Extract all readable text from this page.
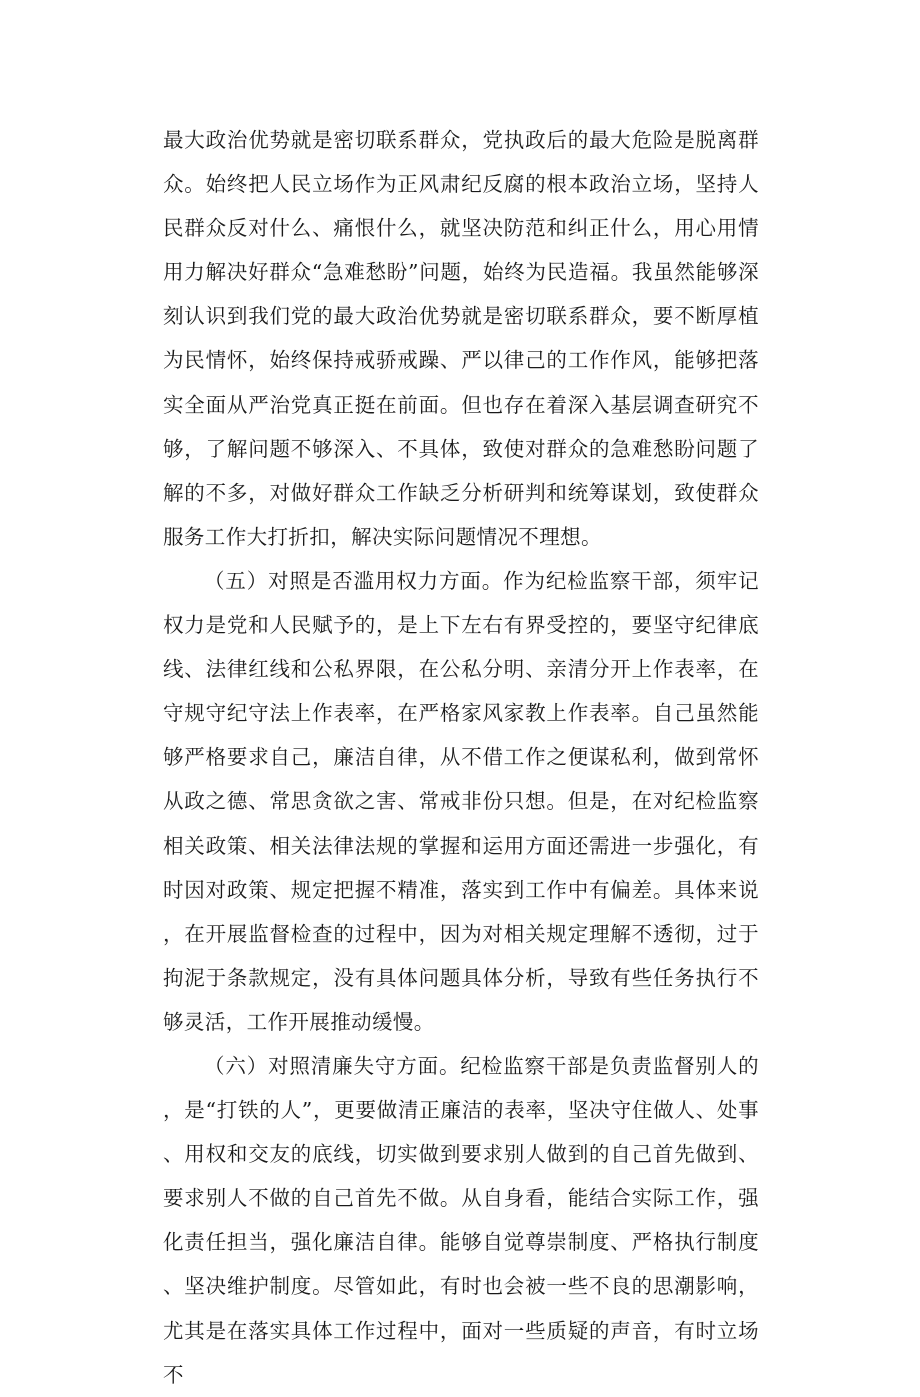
最大政治优势就是密切联系群众，党执政后的最大危险是脱离群众。始终把人民立场作为正风肃纪反腐的根本政治立场，坚持人民群众反对什么、痛恨什么，就坚决防范和纠正什么，用心用情用力解决好群众“急难愁盼”问题，始终为民造福。我虽然能够深刻认识到我们党的最大政治优势就是密切联系群众，要不断厚植为民情怀，始终保持戒骄戒躁、严以律己的工作作风，能够把落实全面从严治党真正挺在前面。但也存在着深入基层调查研究不够，了解问题不够深入、不具体，致使对群众的急难愁盼问题了解的不多，对做好群众工作缺乏分析研判和统筹谋划，致使群众服务工作大打折扣，解决实际问题情况不理想。

（五）对照是否滥用权力方面。作为纪检监察干部，须牢记权力是党和人民赋予的，是上下左右有界受控的，要坚守纪律底线、法律红线和公私界限，在公私分明、亲清分开上作表率，在守规守纪守法上作表率，在严格家风家教上作表率。自己虽然能够严格要求自己，廉洁自律，从不借工作之便谋私利，做到常怀从政之德、常思贪欲之害、常戒非份只想。但是，在对纪检监察相关政策、相关法律法规的掌握和运用方面还需进一步强化，有时因对政策、规定把握不精准，落实到工作中有偏差。具体来说，在开展监督检查的过程中，因为对相关规定理解不透彻，过于拘泥于条款规定，没有具体问题具体分析，导致有些任务执行不够灵活，工作开展推动缓慢。

（六）对照清廉失守方面。纪检监察干部是负责监督别人的，是“打铁的人”，更要做清正廉洁的表率，坚决守住做人、处事、用权和交友的底线，切实做到要求别人做到的自己首先做到、要求别人不做的自己首先不做。从自身看，能结合实际工作，强化责任担当，强化廉洁自律。能够自觉尊崇制度、严格执行制度、坚决维护制度。尽管如此，有时也会被一些不良的思潮影响，尤其是在落实具体工作过程中，面对一些质疑的声音，有时立场不
